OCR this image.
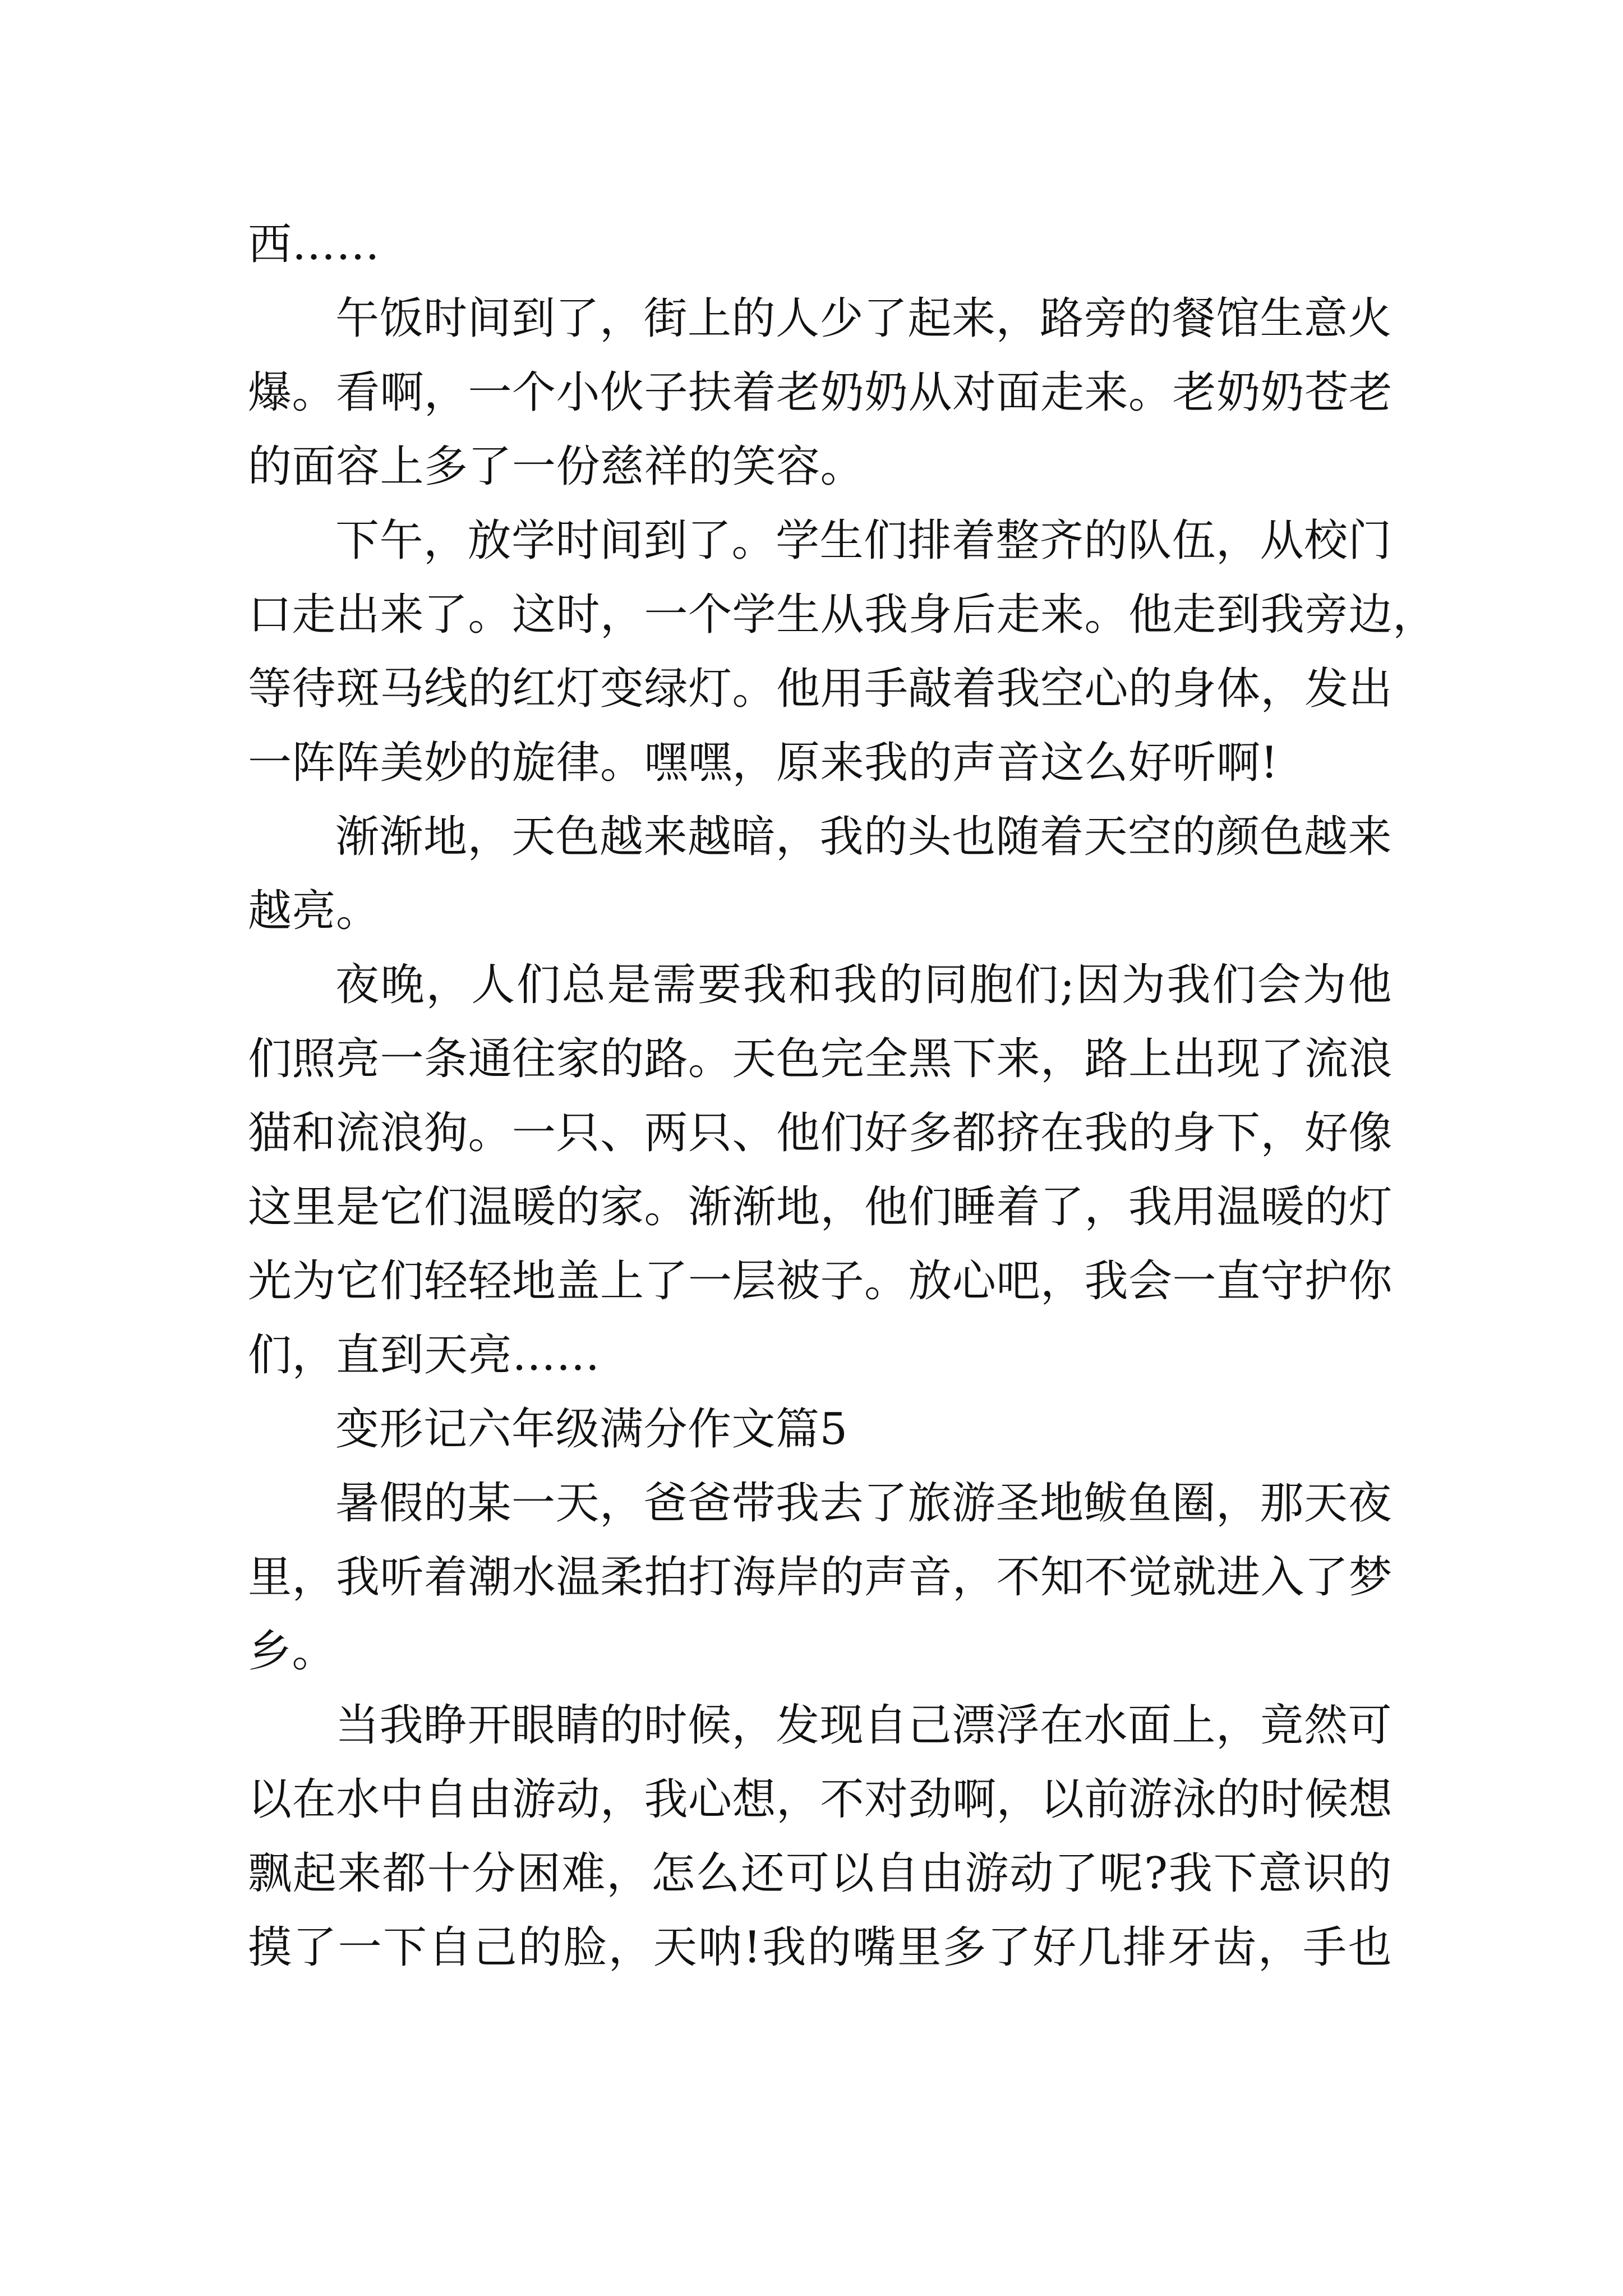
西……
午饭时间到了，街上的人少了起来，路旁的餐馆生意火
爆。看啊，一个小伙子扶着老奶奶从对面走来。老奶奶苍老
的面容上多了一份慈祥的笑容。
下午，放学时间到了。学生们排着整齐的队伍，从校门
口走出来了。这时，一个学生从我身后走来。他走到我旁边，
等待斑马线的红灯变绿灯。他用手敲着我空心的身体，发出
一阵阵美妙的旋律。嘿嘿，原来我的声音这么好听啊!
渐渐地，天色越来越暗，我的头也随着天空的颜色越来
越亮。
夜晚，人们总是需要我和我的同胞们;因为我们会为他
们照亮一条通往家的路。天色完全黑下来，路上出现了流浪
猫和流浪狗。一只、两只、他们好多都挤在我的身下，好像
这里是它们温暖的家。渐渐地，他们睡着了，我用温暖的灯
光为它们轻轻地盖上了一层被子。放心吧，我会一直守护你
们，直到天亮……
变形记六年级满分作文篇5
暑假的某一天，爸爸带我去了旅游圣地鲅鱼圈，那天夜
里，我听着潮水温柔拍打海岸的声音，不知不觉就进入了梦
乡。
当我睁开眼睛的时候，发现自己漂浮在水面上，竟然可
以在水中自由游动，我心想，不对劲啊，以前游泳的时候想
飘起来都十分困难，怎么还可以自由游动了呢?我下意识的
摸了一下自己的脸，天呐!我的嘴里多了好几排牙齿，手也
